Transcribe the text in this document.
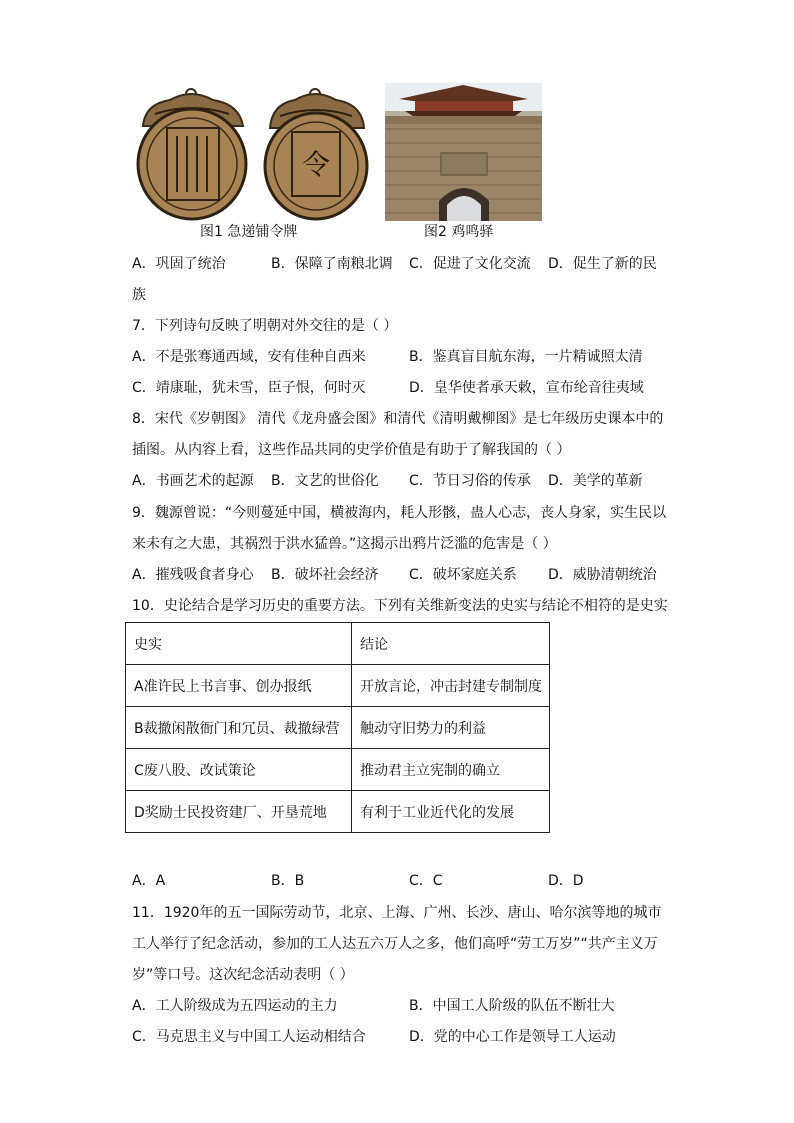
令
图1 急递铺令牌	图2 鸡鸣驿
A．巩固了统治	B．保障了南粮北调 C．促进了文化交流 D．促生了新的民
族
7．下列诗句反映了明朝对外交往的是（ ）
A．不是张骞通西域，安有佳种自西来	B．鉴真盲目航东海，一片精诚照太清
C．靖康耻，犹未雪，臣子恨，何时灭	D．皇华使者承天敕，宣布纶音往夷域
8．宋代《岁朝图》 清代《龙舟盛会图》和清代《清明戴柳图》是七年级历史课本中的
插图。从内容上看，这些作品共同的史学价值是有助于了解我国的（ ）
A．书画艺术的起源 B．文艺的世俗化 C．节日习俗的传承 D．美学的革新
9．魏源曾说：“今则蔓延中国，横被海内，耗人形骸，蛊人心志，丧人身家，实生民以
来未有之大患，其祸烈于洪水猛兽。”这揭示出鸦片泛滥的危害是（ ）
A．摧残吸食者身心 B．破坏社会经济 C．破坏家庭关系 D．威胁清朝统治
10．史论结合是学习历史的重要方法。下列有关维新变法的史实与结论不相符的是史实
史实	结论
A准许民上书言事、创办报纸	开放言论，冲击封建专制制度
B裁撤闲散衙门和冗员、裁撤绿营	触动守旧势力的利益
C废八股、改试策论	推动君主立宪制的确立
D奖励士民投资建厂、开垦荒地	有利于工业近代化的发展
A．A	B．B	C．C	D．D
11．1920年的五一国际劳动节，北京、上海、广州、长沙、唐山、哈尔滨等地的城市
工人举行了纪念活动，参加的工人达五六万人之多，他们高呼“劳工万岁”“共产主义万
岁”等口号。这次纪念活动表明（ ）
A．工人阶级成为五四运动的主力	B．中国工人阶级的队伍不断壮大
C．马克思主义与中国工人运动相结合	D．党的中心工作是领导工人运动
